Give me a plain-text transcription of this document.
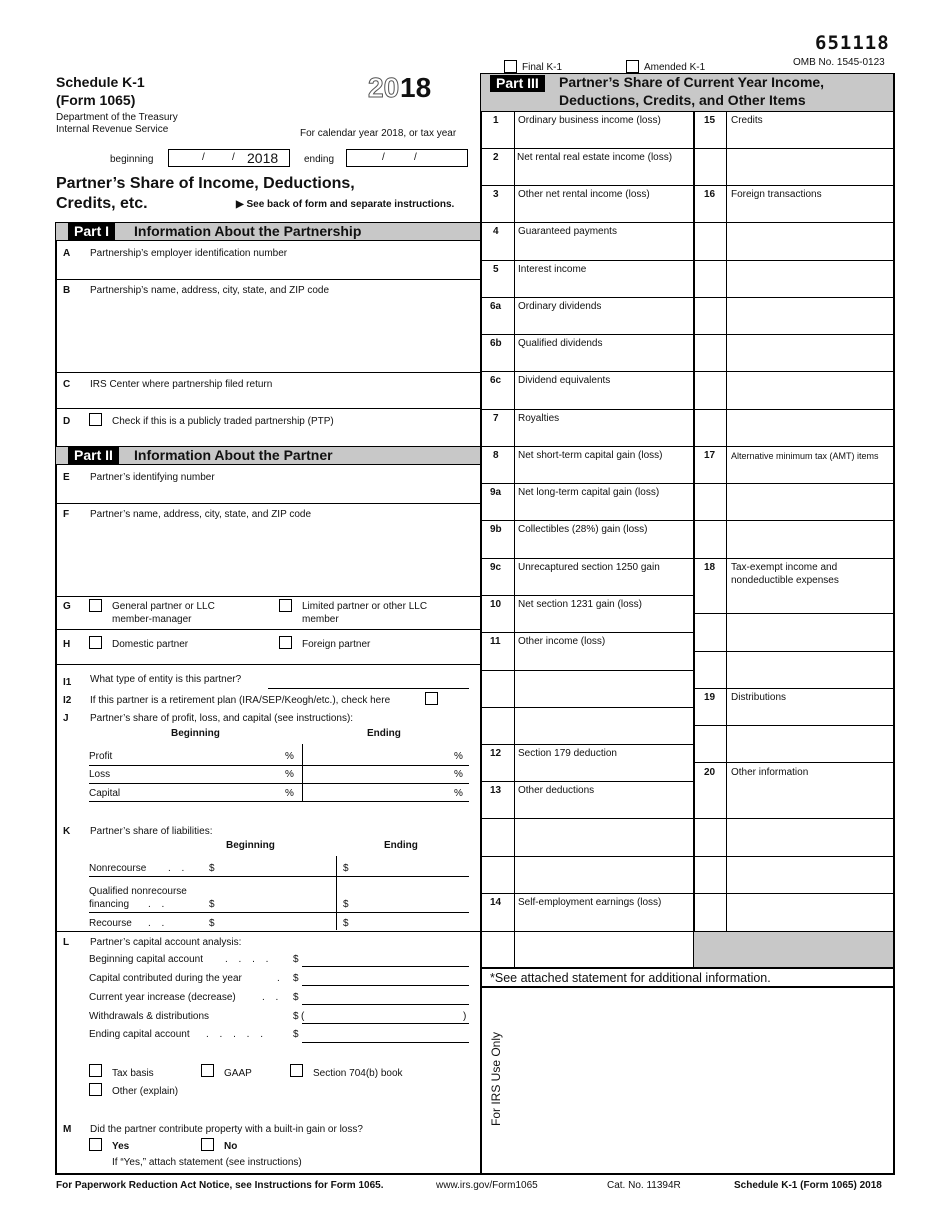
651118
OMB No. 1545-0123
Final K-1	Amended K-1
Schedule K-1
(Form 1065)
Department of the Treasury
Internal Revenue Service
20 18
For calendar year 2018, or tax year
beginning	/	/ 2018	ending	/	/
Partner’s Share of Income, Deductions,
Credits, etc.	▶ See back of form and separate instructions.
Part I	Information About the Partnership
A Partnership’s employer identification number
B Partnership’s name, address, city, state, and ZIP code
C IRS Center where partnership filed return
D	Check if this is a publicly traded partnership (PTP)
Part II	Information About the Partner
E Partner’s identifying number
F Partner’s name, address, city, state, and ZIP code
G	General partner or LLC
member-manager
Limited partner or other LLC
member
H	Domestic partner	Foreign partner
I1 What type of entity is this partner?
I2 If this partner is a retirement plan (IRA/SEP/Keogh/etc.), check here
J Partner’s share of profit, loss, and capital (see instructions):
Beginning	Ending
Profit	%	%
Loss	%	%
Capital	%	%
K Partner’s share of liabilities:
Beginning	Ending
Nonrecourse . . $	$
Qualified nonrecourse
financing . .	$	$
Recourse . .	$	$
L Partner’s capital account analysis:
Beginning capital account . . . . $
Capital contributed during the year	. $
Current year increase (decrease)	. . $
Withdrawals & distributions	$ (	)
Ending capital account . . . . .	$
Tax basis	GAAP	Section 704(b) book
Other (explain)
M Did the partner contribute property with a built-in gain or loss?
Yes	No
If “Yes,” attach statement (see instructions)
Part III	Partner’s Share of Current Year Income,
Deductions, Credits, and Other Items
1 Ordinary business income (loss)
2 Net rental real estate income (loss)
3 Other net rental income (loss)
4 Guaranteed payments
5 Interest income
6a Ordinary dividends
6b Qualified dividends
6c Dividend equivalents
7 Royalties
8 Net short-term capital gain (loss)
9a Net long-term capital gain (loss)
9b Collectibles (28%) gain (loss)
9c Unrecaptured section 1250 gain
10 Net section 1231 gain (loss)
11 Other income (loss)
12 Section 179 deduction
13 Other deductions
14 Self-employment earnings (loss)
15 Credits
16 Foreign transactions
17 Alternative minimum tax (AMT) items
18 Tax-exempt income and
nondeductible expenses
19 Distributions
20 Other information
*See attached statement for additional information.
For IRS Use Only
For Paperwork Reduction Act Notice, see Instructions for Form 1065.	www.irs.gov/Form1065	Cat. No. 11394R	Schedule K-1 (Form 1065) 2018
